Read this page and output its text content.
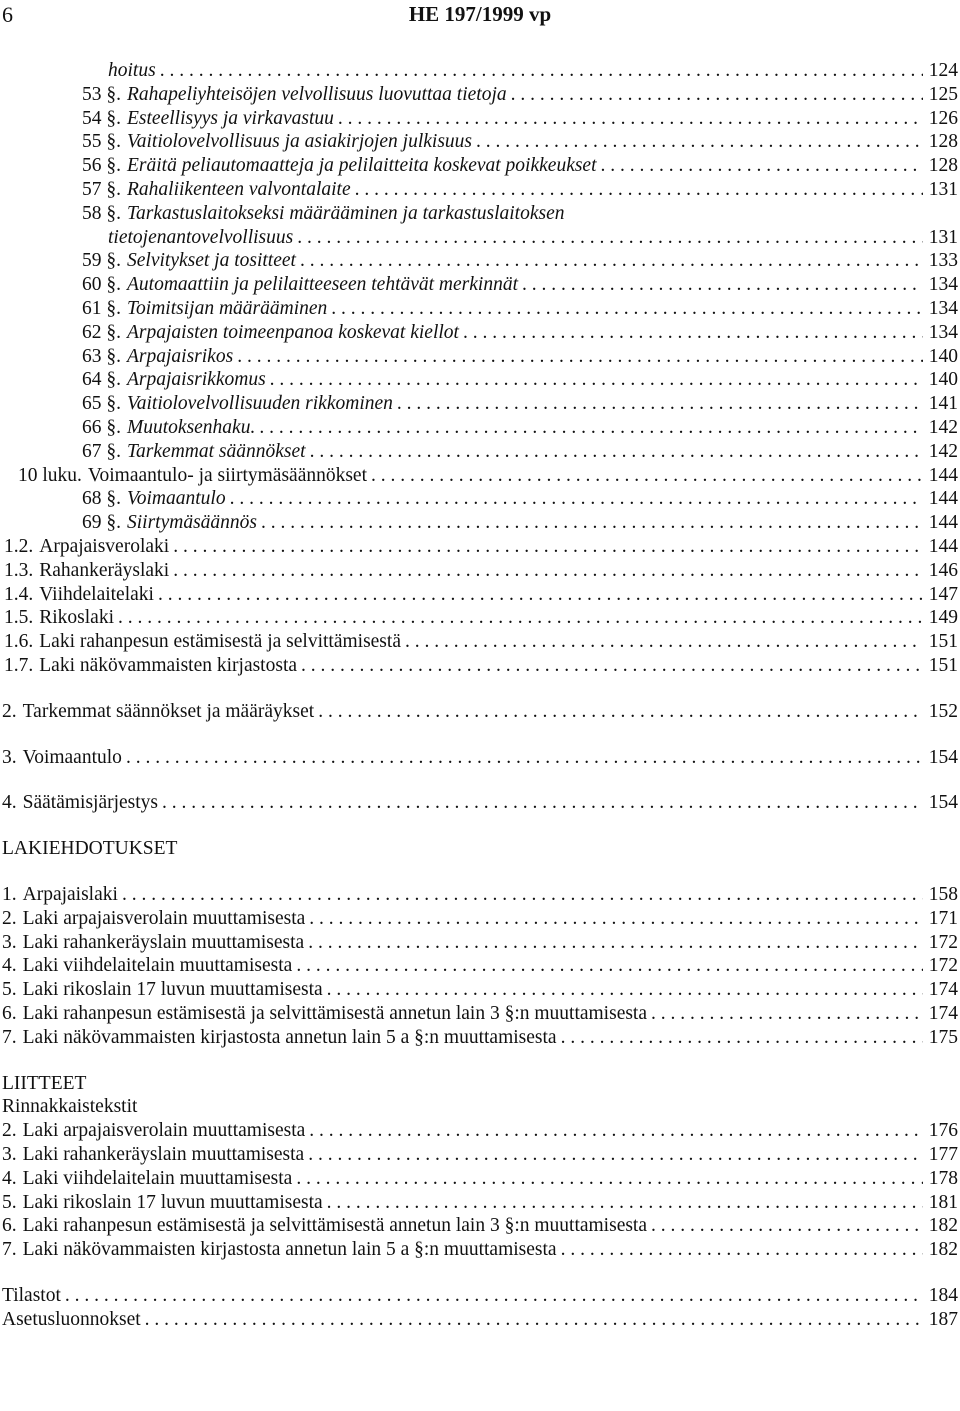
6	HE 197/1999 vp
hoitus . . .	124
53 §. Rahapeliyhteisöjen velvollisuus luovuttaa tietoja . . .	125
54 §. Esteellisyys ja virkavastuu . . .	126
55 §. Vaitiolovelvollisuus ja asiakirjojen julkisuus . . .	128
56 §. Eräitä peliautomaatteja ja pelilaitteita koskevat poikkeukset . . .	128
57 §. Rahaliikenteen valvontalaite . . .	131
58 §. Tarkastuslaitokseksi määrääminen ja tarkastuslaitoksen
tietojenantovelvollisuus . . .	131
59 §. Selvitykset ja tositteet . . .	133
60 §. Automaattiin ja pelilaitteeseen tehtävät merkinnät . . .	134
61 §. Toimitsijan määrääminen . . .	134
62 §. Arpajaisten toimeenpanoa koskevat kiellot . . .	134
63 §. Arpajaisrikos . . .	140
64 §. Arpajaisrikkomus . . .	140
65 §. Vaitiolovelvollisuuden rikkominen . . .	141
66 §. Muutoksenhaku. . . .	142
67 §. Tarkemmat säännökset . . .	142
10 luku. Voimaantulo- ja siirtymäsäännökset . . .	144
68 §. Voimaantulo . . .	144
69 §. Siirtymäsäännös . . .	144
1.2. Arpajaisverolaki . . .	144
1.3. Rahankeräyslaki . . .	146
1.4. Viihdelaitelaki . . .	147
1.5. Rikoslaki . . .	149
1.6. Laki rahanpesun estämisestä ja selvittämisestä . . .	151
1.7. Laki näkövammaisten kirjastosta . . .	151
2. Tarkemmat säännökset ja määräykset . . .	152
3. Voimaantulo . . .	154
4. Säätämisjärjestys . . .	154
LAKIEHDOTUKSET
1. Arpajaislaki . . .	158
2. Laki arpajaisverolain muuttamisesta . . .	171
3. Laki rahankeräyslain muuttamisesta . . .	172
4. Laki viihdelaitelain muuttamisesta . . .	172
5. Laki rikoslain 17 luvun muuttamisesta . . .	174
6. Laki rahanpesun estämisestä ja selvittämisestä annetun lain 3 §:n muuttamisesta . . .	174
7. Laki näkövammaisten kirjastosta annetun lain 5 a §:n muuttamisesta . . .	175
LIITTEET
Rinnakkaistekstit
2. Laki arpajaisverolain muuttamisesta . . .	176
3. Laki rahankeräyslain muuttamisesta . . .	177
4. Laki viihdelaitelain muuttamisesta . . .	178
5. Laki rikoslain 17 luvun muuttamisesta . . .	181
6. Laki rahanpesun estämisestä ja selvittämisestä annetun lain 3 §:n muuttamisesta . . .	182
7. Laki näkövammaisten kirjastosta annetun lain 5 a §:n muuttamisesta . . .	182
Tilastot . . .	184
Asetusluonnokset . . .	187
